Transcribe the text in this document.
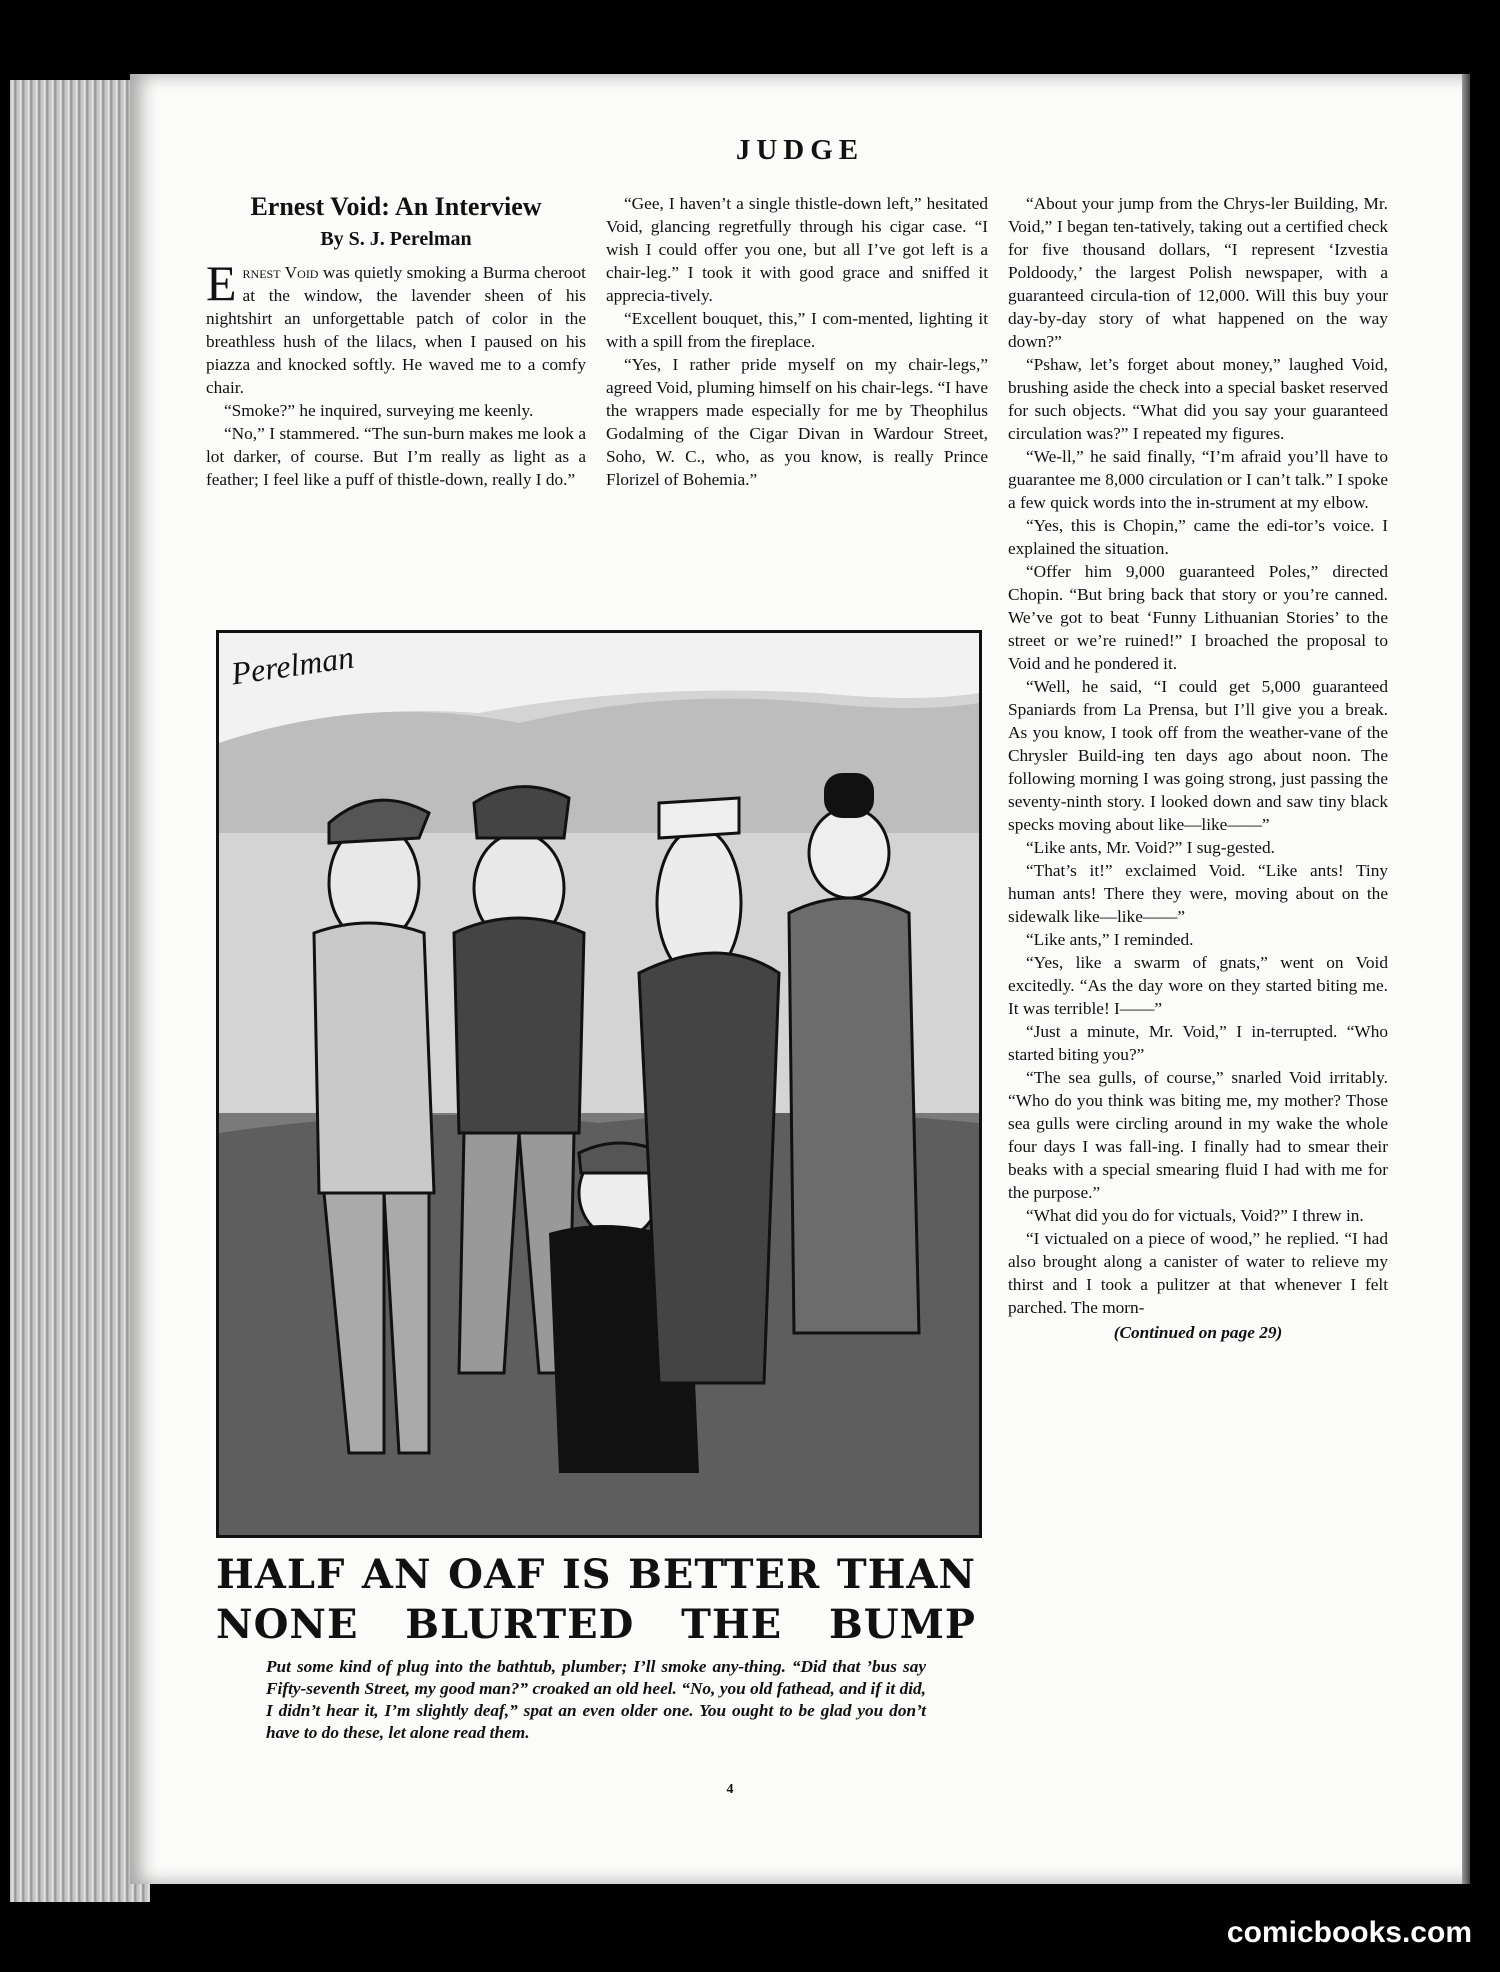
JUDGE
Ernest Void: An Interview
By S. J. Perelman

Ernest Void was quietly smoking a Burma cheroot at the window, the lavender sheen of his nightshirt an unforgettable patch of color in the breathless hush of the lilacs, when I paused on his piazza and knocked softly. He waved me to a comfy chair.

“Smoke?” he inquired, surveying me keenly.

“No,” I stammered. “The sun-burn makes me look a lot darker, of course. But I’m really as light as a feather; I feel like a puff of thistle-down, really I do.”

“Gee, I haven’t a single thistle-down left,” hesitated Void, glancing regretfully through his cigar case. “I wish I could offer you one, but all I’ve got left is a chair-leg.” I took it with good grace and sniffed it apprecia-tively.

“Excellent bouquet, this,” I com-mented, lighting it with a spill from the fireplace.

“Yes, I rather pride myself on my chair-legs,” agreed Void, pluming himself on his chair-legs. “I have the wrappers made especially for me by Theophilus Godalming of the Cigar Divan in Wardour Street, Soho, W. C., who, as you know, is really Prince Florizel of Bohemia.”

“About your jump from the Chrys-ler Building, Mr. Void,” I began ten-tatively, taking out a certified check for five thousand dollars, “I represent ‘Izvestia Poldoody,’ the largest Polish newspaper, with a guaranteed circula-tion of 12,000. Will this buy your day-by-day story of what happened on the way down?”

“Pshaw, let’s forget about money,” laughed Void, brushing aside the check into a special basket reserved for such objects. “What did you say your guaranteed circulation was?” I repeated my figures.

“We-ll,” he said finally, “I’m afraid you’ll have to guarantee me 8,000 circulation or I can’t talk.” I spoke a few quick words into the in-strument at my elbow.

“Yes, this is Chopin,” came the edi-tor’s voice. I explained the situation.

“Offer him 9,000 guaranteed Poles,” directed Chopin. “But bring back that story or you’re canned. We’ve got to beat ‘Funny Lithuanian Stories’ to the street or we’re ruined!” I broached the proposal to Void and he pondered it.

“Well, he said, “I could get 5,000 guaranteed Spaniards from La Prensa, but I’ll give you a break. As you know, I took off from the weather-vane of the Chrysler Build-ing ten days ago about noon. The following morning I was going strong, just passing the seventy-ninth story. I looked down and saw tiny black specks moving about like—like——”

“Like ants, Mr. Void?” I sug-gested.

“That’s it!” exclaimed Void. “Like ants! Tiny human ants! There they were, moving about on the sidewalk like—like——”

“Like ants,” I reminded.

“Yes, like a swarm of gnats,” went on Void excitedly. “As the day wore on they started biting me. It was terrible! I——”

“Just a minute, Mr. Void,” I in-terrupted. “Who started biting you?”

“The sea gulls, of course,” snarled Void irritably. “Who do you think was biting me, my mother? Those sea gulls were circling around in my wake the whole four days I was fall-ing. I finally had to smear their beaks with a special smearing fluid I had with me for the purpose.”

“What did you do for victuals, Void?” I threw in.

“I victualed on a piece of wood,” he replied. “I had also brought along a canister of water to relieve my thirst and I took a pulitzer at that whenever I felt parched. The morn-

(Continued on page 29)
Perelman
HALF AN OAF IS BETTER THAN NONE BLURTED THE BUMP
Put some kind of plug into the bathtub, plumber; I’ll smoke any-thing. “Did that ’bus say Fifty-seventh Street, my good man?” croaked an old heel. “No, you old fathead, and if it did, I didn’t hear it, I’m slightly deaf,” spat an even older one. You ought to be glad you don’t have to do these, let alone read them.
4
comicbooks.com
